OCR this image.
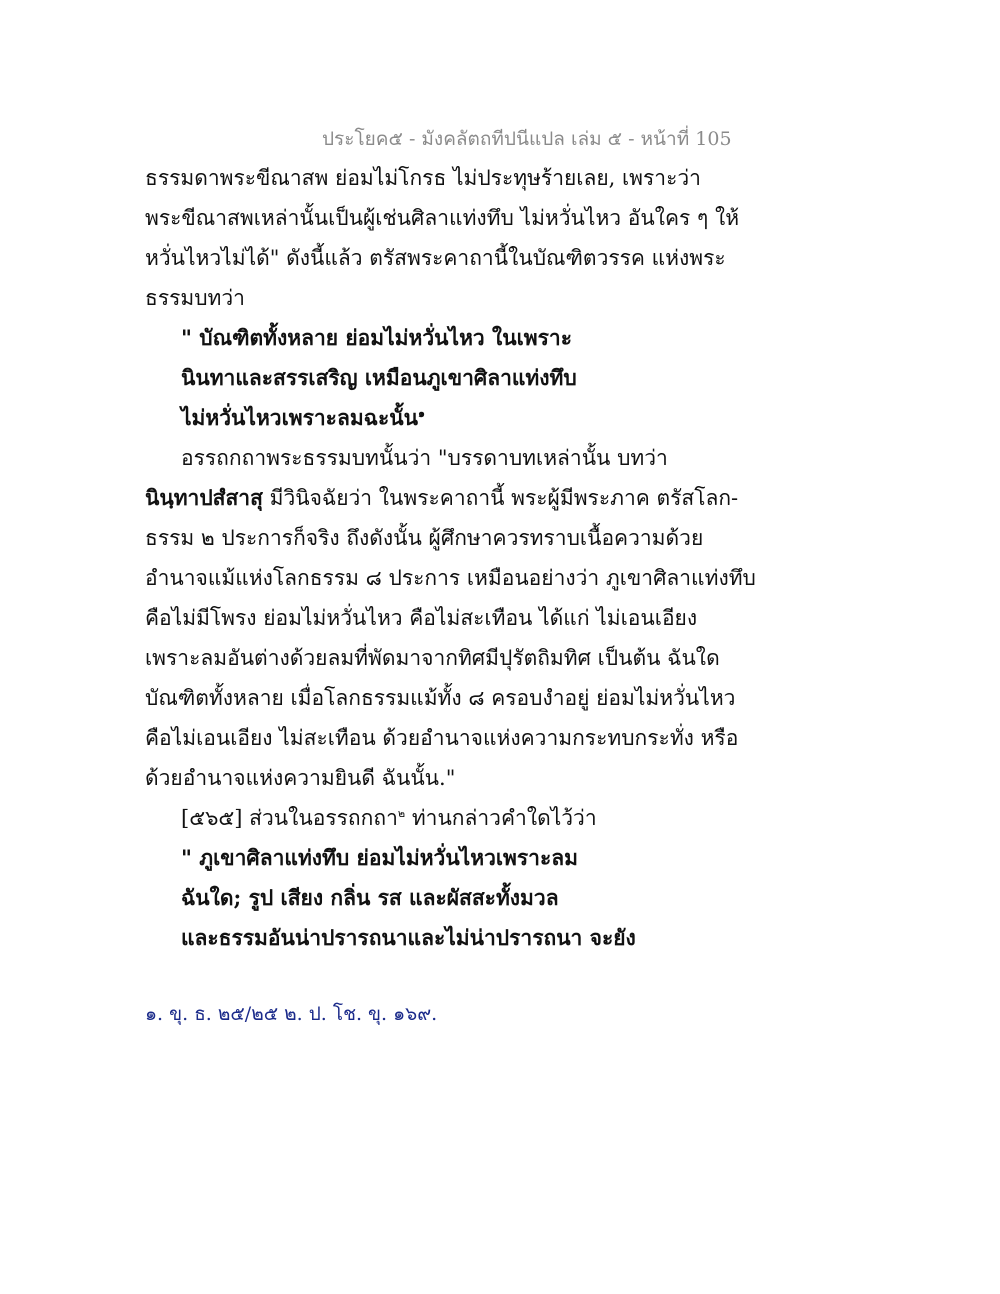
ประโยค๕ - มังคลัตถทีปนีแปล เล่ม ๕ - หน้าที่ 105
ธรรมดาพระขีณาสพ ย่อมไม่โกรธ ไม่ประทุษร้ายเลย, เพราะว่า
พระขีณาสพเหล่านั้นเป็นผู้เช่นศิลาแท่งทึบ ไม่หวั่นไหว อันใคร ๆ ให้
หวั่นไหวไม่ได้" ดังนี้แล้ว ตรัสพระคาถานี้ในบัณฑิตวรรค แห่งพระ
ธรรมบทว่า
" บัณฑิตทั้งหลาย ย่อมไม่หวั่นไหว ในเพราะ
นินทาและสรรเสริญ เหมือนภูเขาศิลาแท่งทึบ
ไม่หวั่นไหวเพราะลมฉะนั้น$^๑$
อรรถกถาพระธรรมบทนั้นว่า "บรรดาบทเหล่านั้น บทว่า
นินฺทาปสํสาสุ มีวินิจฉัยว่า ในพระคาถานี้ พระผู้มีพระภาค ตรัสโลก-
ธรรม ๒ ประการก็จริง ถึงดังนั้น ผู้ศึกษาควรทราบเนื้อความด้วย
อำนาจแม้แห่งโลกธรรม ๘ ประการ เหมือนอย่างว่า ภูเขาศิลาแท่งทึบ
คือไม่มีโพรง ย่อมไม่หวั่นไหว คือไม่สะเทือน ได้แก่ ไม่เอนเอียง
เพราะลมอันต่างด้วยลมที่พัดมาจากทิศมีปุรัตถิมทิศ เป็นต้น ฉันใด
บัณฑิตทั้งหลาย เมื่อโลกธรรมแม้ทั้ง ๘ ครอบงำอยู่ ย่อมไม่หวั่นไหว
คือไม่เอนเอียง ไม่สะเทือน ด้วยอำนาจแห่งความกระทบกระทั่ง หรือ
ด้วยอำนาจแห่งความยินดี ฉันนั้น."
[๕๖๕] ส่วนในอรรถกถา$^๒$ ท่านกล่าวคำใดไว้ว่า
" ภูเขาศิลาแท่งทึบ ย่อมไม่หวั่นไหวเพราะลม
ฉันใด; รูป เสียง กลิ่น รส และผัสสะทั้งมวล
และธรรมอันน่าปรารถนาและไม่น่าปรารถนา จะยัง
๑. ขุ. ธ. ๒๕/๒๕ ๒. ป. โช. ขุ. ๑๖๙.
